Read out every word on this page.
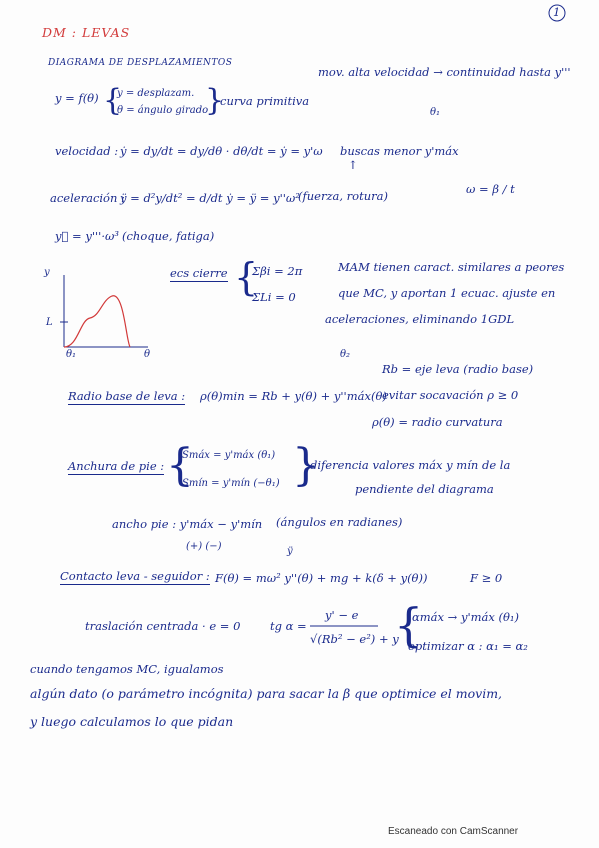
1
DM : LEVAS
DIAGRAMA DE DESPLAZAMIENTOS
mov. alta velocidad → continuidad hasta y'''
y = f(θ) {
y = desplazam.
θ = ángulo girado
}
curva primitiva
velocidad : ẏ = dy/dt = dy/dθ · dθ/dt = ẏ = y'ω
θ₁
buscas menor y'máx
↑
aceleración :
ÿ = d²y/dt² = d/dt ẏ = ÿ = y''ω²
(fuerza, rotura)	ω = β / t
y⃛ = y'''·ω³ (choque, fatiga)
y
L
θ₁	θ
ecs cierre {
Σβi = 2π
ΣLi = 0
MAM tienen caract. similares a peores
que MC, y aportan 1 ecuac. ajuste en
aceleraciones, eliminando 1GDL
θ₂
Radio base de leva : ρ(θ)min = Rb + y(θ) + y''máx(θ)
Rb = eje leva (radio base)
evitar socavación ρ ≥ 0
ρ(θ) = radio curvatura
Anchura de pie : {
Smáx = y'máx (θ₁)
Smín = y'mín (−θ₁) }
diferencia valores máx y mín de la
pendiente del diagrama
ancho pie : y'máx − y'mín (ángulos en radianes)
(+) (−)	ÿ
Contacto leva - seguidor : F(θ) = mω² y''(θ) + mg + k(δ + y(θ))	F ≥ 0
traslación centrada · e = 0	tg α =
y' − e
√(Rb² − e²) + y
{
αmáx → y'máx (θ₁)
optimizar α : α₁ = α₂
cuando tengamos MC, igualamos
algún dato (o parámetro incógnita) para sacar la β que optimice el movim,
y luego calculamos lo que pidan
Escaneado con CamScanner
